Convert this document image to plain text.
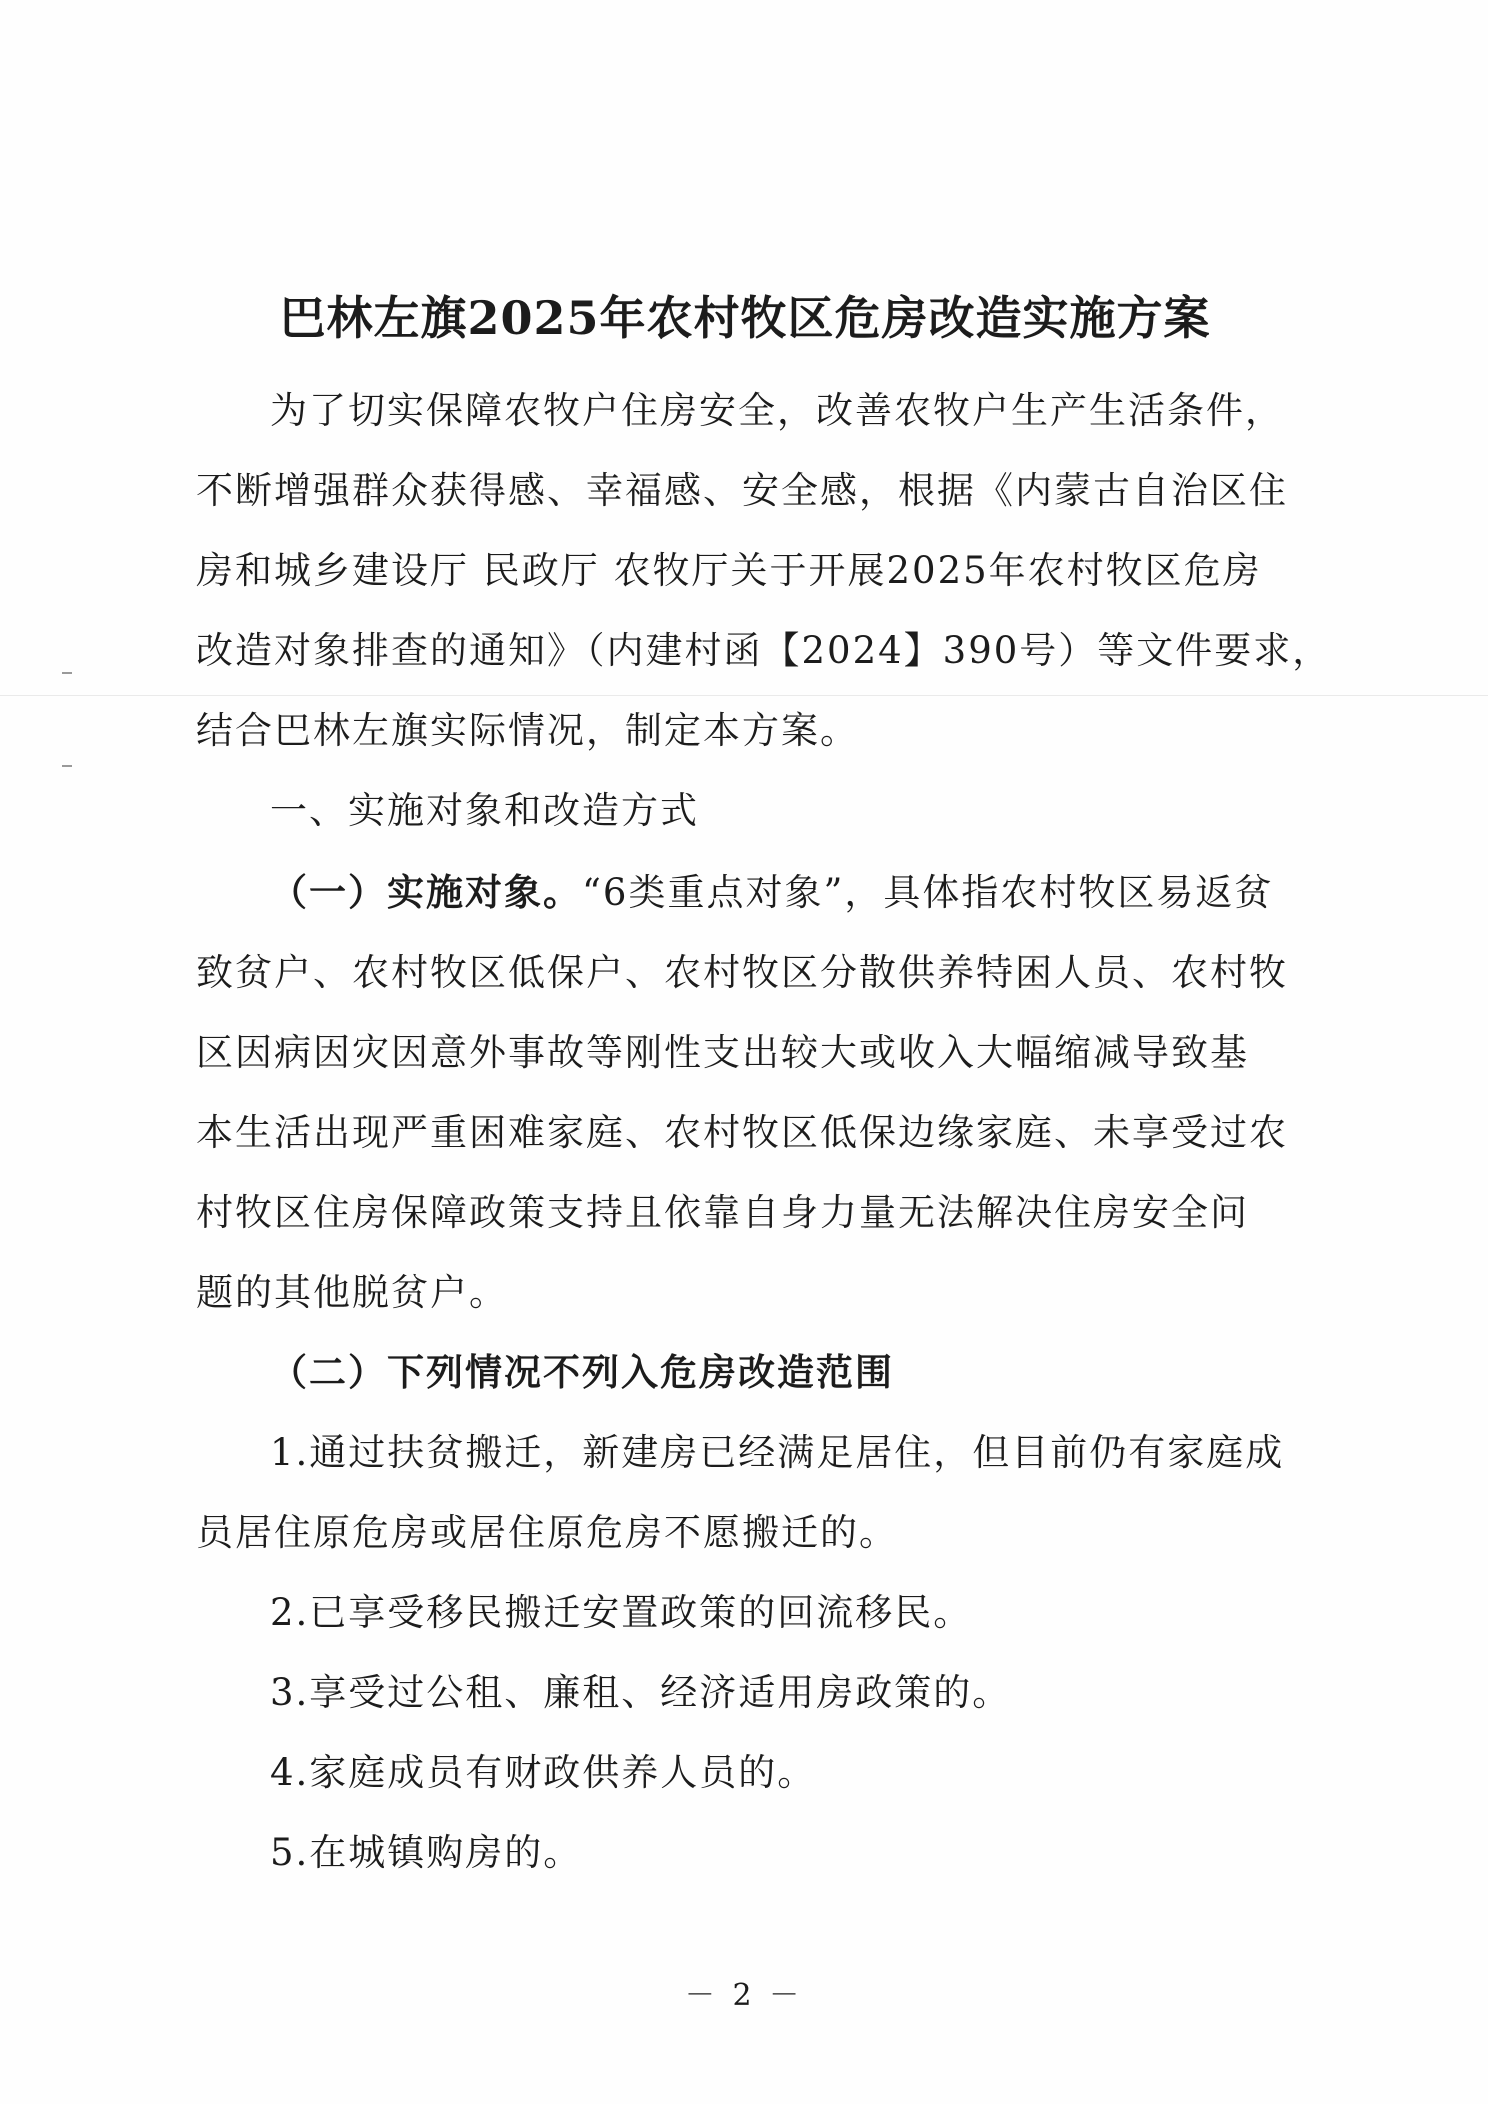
巴林左旗2025年农村牧区危房改造实施方案

为了切实保障农牧户住房安全，改善农牧户生产生活条件，

不断增强群众获得感、幸福感、安全感，根据《内蒙古自治区住

房和城乡建设厅 民政厅 农牧厅关于开展2025年农村牧区危房

改造对象排查的通知》（内建村函【2024】390号）等文件要求，

结合巴林左旗实际情况，制定本方案。

一、实施对象和改造方式

（一）实施对象。“6类重点对象”，具体指农村牧区易返贫

致贫户、农村牧区低保户、农村牧区分散供养特困人员、农村牧

区因病因灾因意外事故等刚性支出较大或收入大幅缩减导致基

本生活出现严重困难家庭、农村牧区低保边缘家庭、未享受过农

村牧区住房保障政策支持且依靠自身力量无法解决住房安全问

题的其他脱贫户。

（二）下列情况不列入危房改造范围

1.通过扶贫搬迁，新建房已经满足居住，但目前仍有家庭成

员居住原危房或居住原危房不愿搬迁的。

2.已享受移民搬迁安置政策的回流移民。

3.享受过公租、廉租、经济适用房政策的。

4.家庭成员有财政供养人员的。

5.在城镇购房的。

－ 2 －
